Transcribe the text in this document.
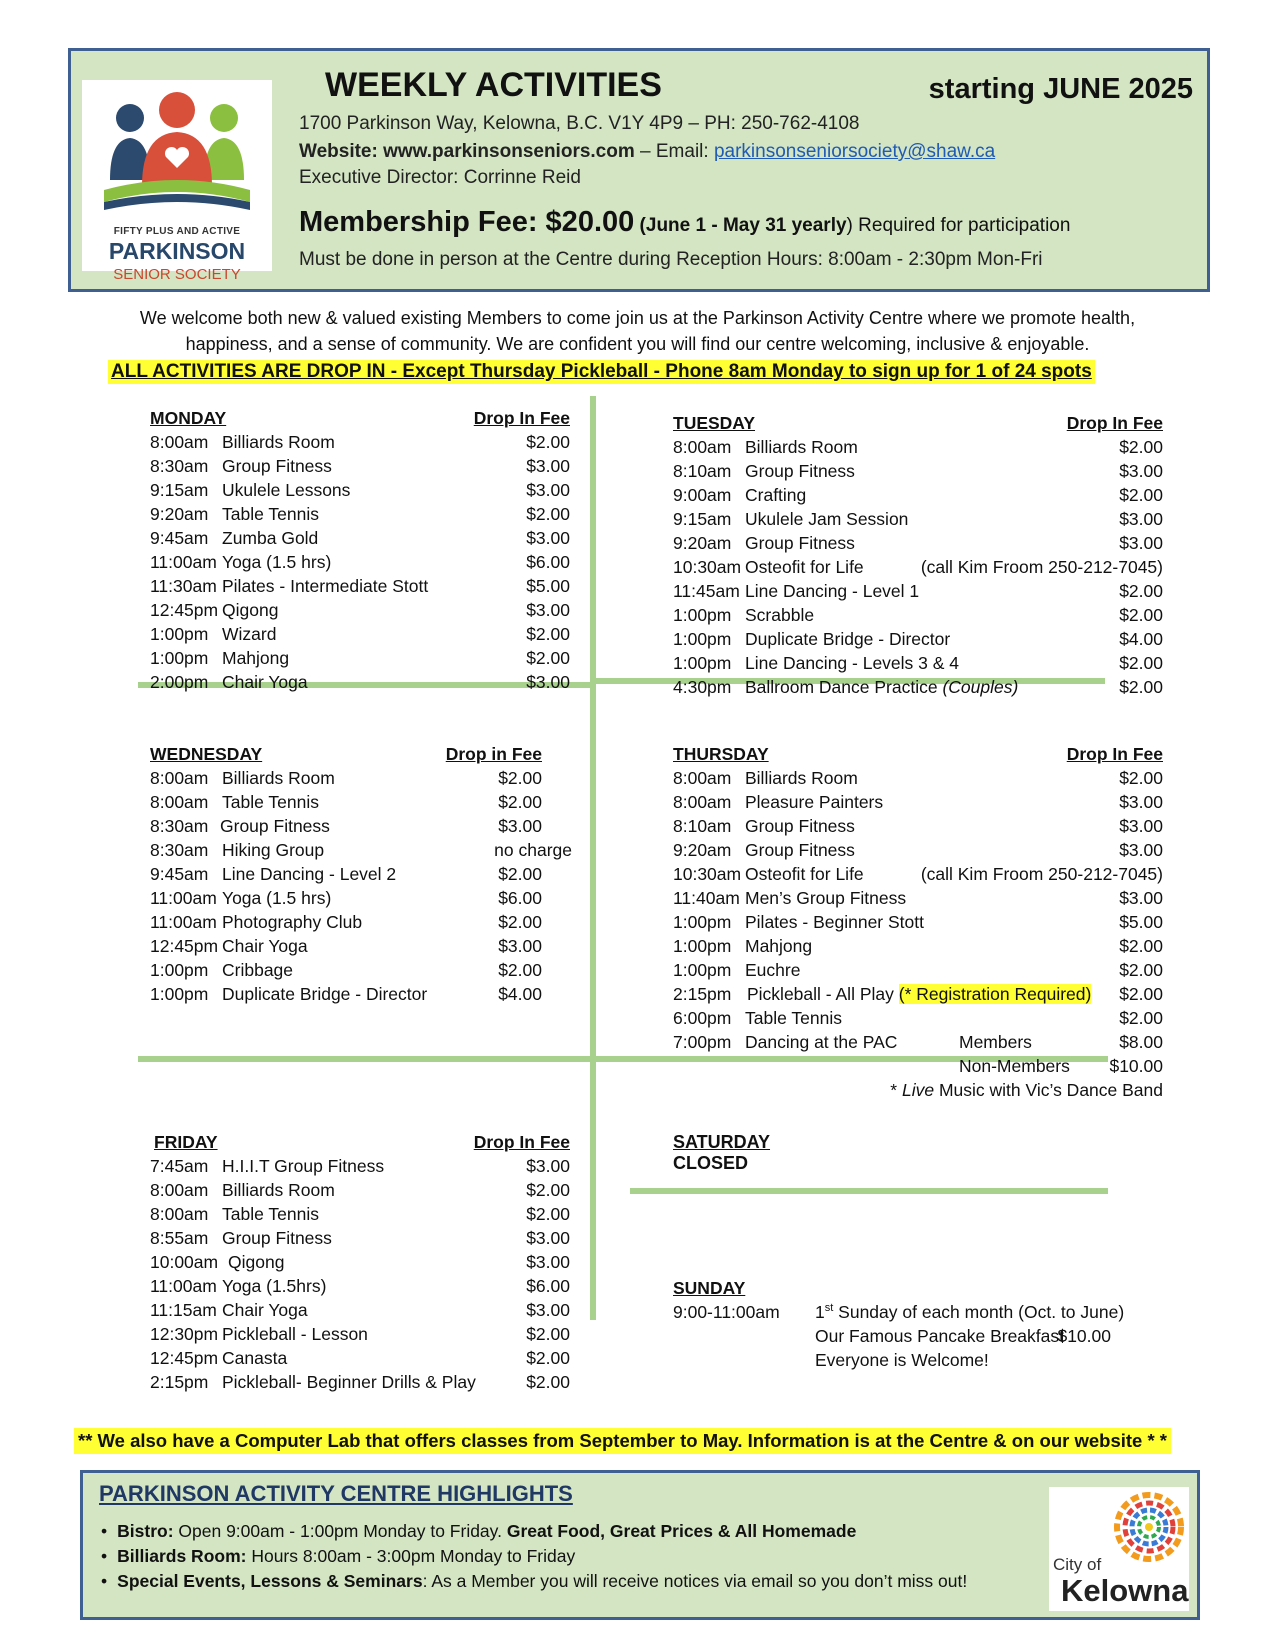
FIFTY PLUS AND ACTIVE
PARKINSON
SENIOR SOCIETY
WEEKLY ACTIVITIES	starting JUNE 2025
1700 Parkinson Way, Kelowna, B.C. V1Y 4P9 – PH: 250-762-4108
Website: www.parkinsonseniors.com – Email: parkinsonseniorsociety@shaw.ca
Executive Director: Corrinne Reid
Membership Fee: $20.00 (June 1 - May 31 yearly) Required for participation
Must be done in person at the Centre during Reception Hours: 8:00am - 2:30pm Mon-Fri
We welcome both new & valued existing Members to come join us at the Parkinson Activity Centre where we promote health,
happiness, and a sense of community. We are confident you will find our centre welcoming, inclusive & enjoyable.
ALL ACTIVITIES ARE DROP IN - Except Thursday Pickleball - Phone 8am Monday to sign up for 1 of 24 spots
MONDAY	Drop In Fee
8:00am Billiards Room	$2.00
8:30am Group Fitness	$3.00
9:15am Ukulele Lessons	$3.00
9:20am Table Tennis	$2.00
9:45am Zumba Gold	$3.00
11:00am Yoga (1.5 hrs)	$6.00
11:30am Pilates - Intermediate Stott	$5.00
12:45pm Qigong	$3.00
1:00pm Wizard	$2.00
1:00pm Mahjong	$2.00
2:00pm Chair Yoga	$3.00
TUESDAY	Drop In Fee
8:00am Billiards Room	$2.00
8:10am Group Fitness	$3.00
9:00am Crafting	$2.00
9:15am Ukulele Jam Session	$3.00
9:20am Group Fitness	$3.00
10:30am Osteofit for Life	(call Kim Froom 250-212-7045)
11:45am Line Dancing - Level 1	$2.00
1:00pm Scrabble	$2.00
1:00pm Duplicate Bridge - Director	$4.00
1:00pm Line Dancing - Levels 3 & 4	$2.00
4:30pm Ballroom Dance Practice (Couples)	$2.00
WEDNESDAY	Drop in Fee
8:00am Billiards Room	$2.00
8:00am Table Tennis	$2.00
8:30am Group Fitness	$3.00
8:30am Hiking Group	no charge
9:45am Line Dancing - Level 2	$2.00
11:00am Yoga (1.5 hrs)	$6.00
11:00am Photography Club	$2.00
12:45pm Chair Yoga	$3.00
1:00pm Cribbage	$2.00
1:00pm Duplicate Bridge - Director	$4.00
THURSDAY	Drop In Fee
8:00am Billiards Room	$2.00
8:00am Pleasure Painters	$3.00
8:10am Group Fitness	$3.00
9:20am Group Fitness	$3.00
10:30am Osteofit for Life	(call Kim Froom 250-212-7045)
11:40am Men’s Group Fitness	$3.00
1:00pm Pilates - Beginner Stott	$5.00
1:00pm Mahjong	$2.00
1:00pm Euchre	$2.00
2:15pm Pickleball - All Play (* Registration Required) $2.00
6:00pm Table Tennis	$2.00
7:00pm Dancing at the PAC	Members	$8.00
Non-Members $10.00
* Live Music with Vic’s Dance Band
FRIDAY	Drop In Fee
7:45am H.I.I.T Group Fitness	$3.00
8:00am Billiards Room	$2.00
8:00am Table Tennis	$2.00
8:55am Group Fitness	$3.00
10:00am Qigong	$3.00
11:00am Yoga (1.5hrs)	$6.00
11:15am Chair Yoga	$3.00
12:30pm Pickleball - Lesson	$2.00
12:45pm Canasta	$2.00
2:15pm Pickleball- Beginner Drills & Play	$2.00
SATURDAY
CLOSED
SUNDAY
9:00-11:00am 1st Sunday of each month (Oct. to June)
Our Famous Pancake Breakfast
$10.00
Everyone is Welcome!
** We also have a Computer Lab that offers classes from September to May. Information is at the Centre & on our website * *
PARKINSON ACTIVITY CENTRE HIGHLIGHTS
• Bistro: Open 9:00am - 1:00pm Monday to Friday. Great Food, Great Prices & All Homemade
• Billiards Room: Hours 8:00am - 3:00pm Monday to Friday
• Special Events, Lessons & Seminars: As a Member you will receive notices via email so you don’t miss out!
City of
Kelowna
